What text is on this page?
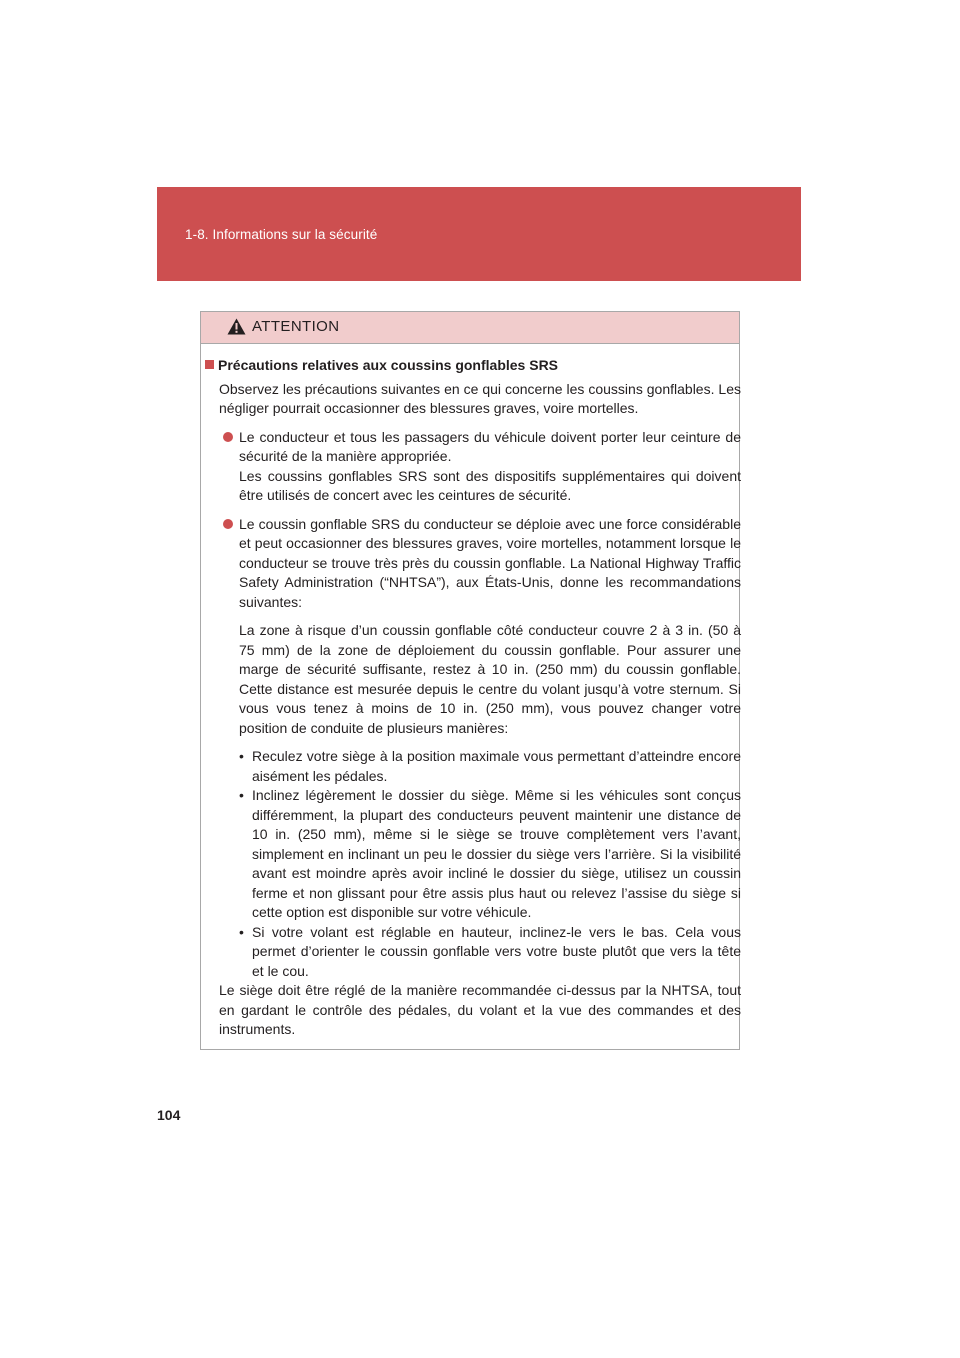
1-8. Informations sur la sécurité
ATTENTION
Précautions relatives aux coussins gonflables SRS
Observez les précautions suivantes en ce qui concerne les coussins gonflables. Les négliger pourrait occasionner des blessures graves, voire mortelles.
Le conducteur et tous les passagers du véhicule doivent porter leur ceinture de sécurité de la manière appropriée.
Les coussins gonflables SRS sont des dispositifs supplémentaires qui doivent être utilisés de concert avec les ceintures de sécurité.
Le coussin gonflable SRS du conducteur se déploie avec une force considérable et peut occasionner des blessures graves, voire mortelles, notamment lorsque le conducteur se trouve très près du coussin gonflable. La National Highway Traffic Safety Administration (“NHTSA”), aux États-Unis, donne les recommandations suivantes:
La zone à risque d’un coussin gonflable côté conducteur couvre 2 à 3 in. (50 à 75 mm) de la zone de déploiement du coussin gonflable. Pour assurer une marge de sécurité suffisante, restez à 10 in. (250 mm) du coussin gonflable. Cette distance est mesurée depuis le centre du volant jusqu’à votre sternum. Si vous vous tenez à moins de 10 in. (250 mm), vous pouvez changer votre position de conduite de plusieurs manières:
• Reculez votre siège à la position maximale vous permettant d’atteindre encore aisément les pédales.
• Inclinez légèrement le dossier du siège. Même si les véhicules sont conçus différemment, la plupart des conducteurs peuvent maintenir une distance de 10 in. (250 mm), même si le siège se trouve complètement vers l’avant, simplement en inclinant un peu le dossier du siège vers l’arrière. Si la visibilité avant est moindre après avoir incliné le dossier du siège, utilisez un coussin ferme et non glissant pour être assis plus haut ou relevez l’assise du siège si cette option est disponible sur votre véhicule.
• Si votre volant est réglable en hauteur, inclinez-le vers le bas. Cela vous permet d’orienter le coussin gonflable vers votre buste plutôt que vers la tête et le cou.
Le siège doit être réglé de la manière recommandée ci-dessus par la NHTSA, tout en gardant le contrôle des pédales, du volant et la vue des commandes et des instruments.
104
